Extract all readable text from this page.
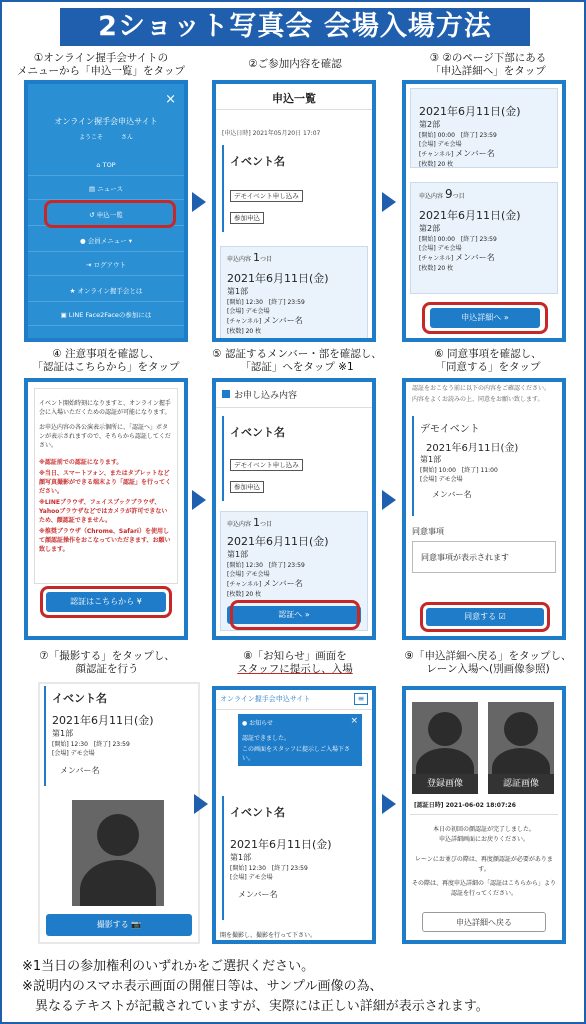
2ショット写真会 会場入場方法
①オンライン握手会サイトの
メニューから「申込一覧」をタップ
②ご参加内容を確認	③ ②のページ下部にある
「申込詳細へ」をタップ
×
オンライン握手会申込サイト
ようこそ　　　さん
⌂ TOP
▤ ニュース
↺ 申込一覧
● 会員メニュー ▾
⇥ ログアウト
★ オンライン握手会とは
▣ LINE Face2Faceの参加には
申込一覧
[申込日時] 2021年05月20日 17:07
イベント名
デモイベント申し込み
参加申込
申込内容 1つ目
2021年6月11日(金)
第1部
[開始] 12:30　[終了] 23:59
[会場] デモ会場
[チャンネル] メンバー名
[枚数] 20 枚
2021年6月11日(金)
第2部
[開始] 00:00　[終了] 23:59
[会場] デモ会場
[チャンネル] メンバー名
[枚数] 20 枚
申込内容 9つ目
2021年6月11日(金)
第2部
[開始] 00:00　[終了] 23:59
[会場] デモ会場
[チャンネル] メンバー名
[枚数] 20 枚
申込詳細へ »
④ 注意事項を確認し、
「認証はこちらから」をタップ
⑤ 認証するメンバー・部を確認し、
「認証」へをタップ ※1
⑥ 同意事項を確認し、
「同意する」をタップ
イベント開始時刻になりますと、オンライン握手会に入場いただくための認証が可能になります。
お申込内容の各公演表示個所に、「認証へ」ボタンが表示されますので、そちらから認証してください。
※認証前での認証になります。
※当日、スマートフォン、またはタブレットなど顔写真撮影ができる端末より「認証」を行ってください。
※LINEブラウザ、フェイスブックブラウザ、Yahooブラウザなどではカメラが許可できないため、顔認証できません。
※推奨ブラウザ（Chrome、Safari）を使用して顔認証操作をおこなっていただきます、お願い致します。
認証はこちらから ¥
お申し込み内容
イベント名
デモイベント申し込み
参加申込
申込内容 1つ目
2021年6月11日(金)
第1部
[開始] 12:30　[終了] 23:59
[会場] デモ会場
[チャンネル] メンバー名
[枚数] 20 枚
認証へ »
認証をおこなう前に以下の内容をご確認ください。
内容をよくお読みの上、同意をお願い致します。
デモイベント
2021年6月11日(金)
第1部
[開始] 10:00　[終了] 11:00
[会場] デモ会場
メンバー名
同意事項
同意事項が表示されます
同意する ☑
⑦「撮影する」をタップし、
顔認証を行う
⑧「お知らせ」画面を
スタッフに提示し、入場
⑨「申込詳細へ戻る」をタップし、
レーン入場へ(別画像参照)
イベント名
2021年6月11日(金)
第1部
[開始] 12:30　[終了] 23:59
[会場] デモ会場
メンバー名
撮影する 📷
オンライン握手会申込サイト	≡
● お知らせ	×
認証できました。
この画面をスタッフに提示しご入場下さい。
イベント名
2021年6月11日(金)
第1部
[開始] 12:30　[終了] 23:59
[会場] デモ会場
メンバー名
開を撮影し、撮影を行って下さい。
登録画像	認証画像
[認証日時] 2021-06-02 18:07:26
本日の初回の顔認証が完了しました。
申込詳細画面にお戻りください。
レーンにお並びの際は、再度顔認証が必要があります。
その際は、再度申込詳細の「認証はこちらから」より認証を行ってください。
申込詳細へ戻る
※1当日の参加権利のいずれかをご選択ください。
※説明内のスマホ表示画面の開催日等は、サンプル画像の為、
　異なるテキストが記載されていますが、実際には正しい詳細が表示されます。
